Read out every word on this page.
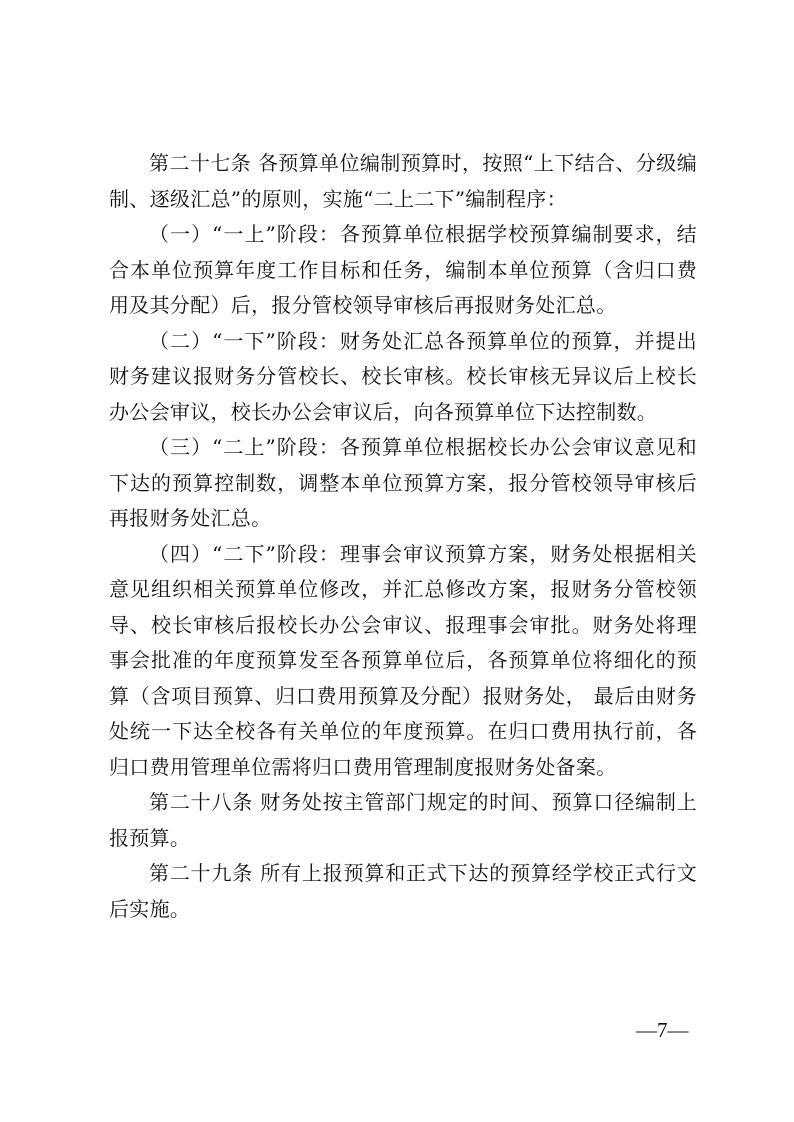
第二十七条 各预算单位编制预算时，按照“上下结合、分级编制、逐级汇总”的原则，实施“二上二下”编制程序：

（一）“一上”阶段：各预算单位根据学校预算编制要求，结合本单位预算年度工作目标和任务，编制本单位预算（含归口费用及其分配）后，报分管校领导审核后再报财务处汇总。

（二）“一下”阶段：财务处汇总各预算单位的预算，并提出财务建议报财务分管校长、校长审核。校长审核无异议后上校长办公会审议，校长办公会审议后，向各预算单位下达控制数。

（三）“二上”阶段：各预算单位根据校长办公会审议意见和下达的预算控制数，调整本单位预算方案，报分管校领导审核后再报财务处汇总。

（四）“二下”阶段：理事会审议预算方案，财务处根据相关意见组织相关预算单位修改，并汇总修改方案，报财务分管校领导、校长审核后报校长办公会审议、报理事会审批。财务处将理事会批准的年度预算发至各预算单位后，各预算单位将细化的预算（含项目预算、归口费用预算及分配）报财务处， 最后由财务处统一下达全校各有关单位的年度预算。在归口费用执行前，各归口费用管理单位需将归口费用管理制度报财务处备案。

第二十八条 财务处按主管部门规定的时间、预算口径编制上报预算。

第二十九条 所有上报预算和正式下达的预算经学校正式行文后实施。

—7—
